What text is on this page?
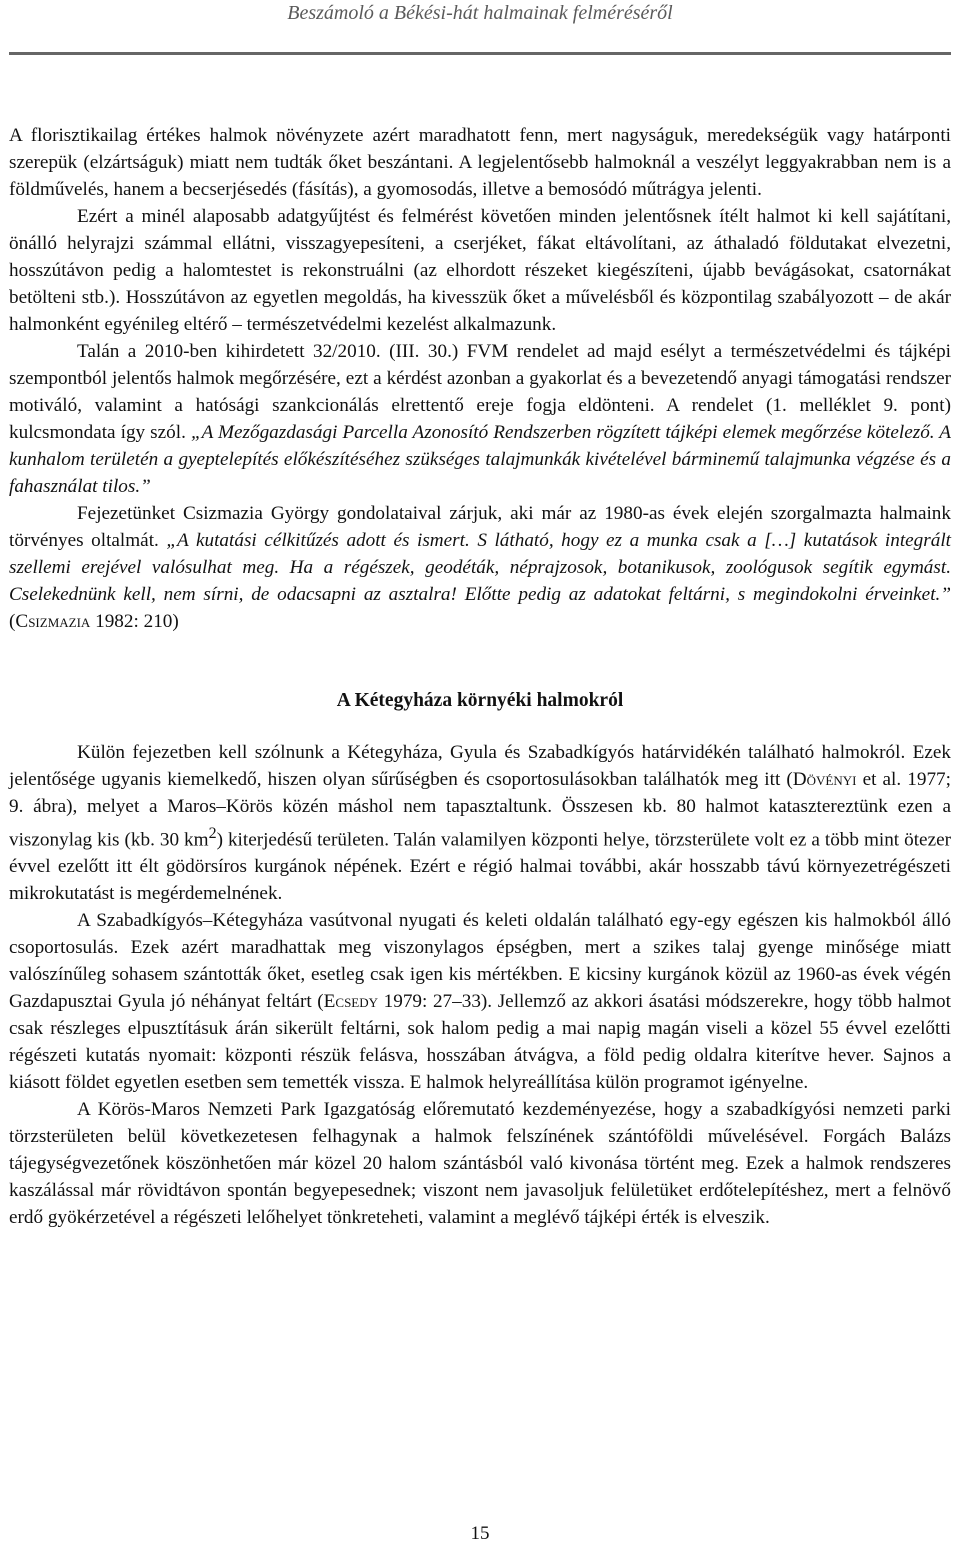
Beszámoló a Békési-hát halmainak felméréséről

A florisztikailag értékes halmok növényzete azért maradhatott fenn, mert nagyságuk, meredekségük vagy határponti szerepük (elzártságuk) miatt nem tudták őket beszántani. A legjelentősebb halmoknál a veszélyt leggyakrabban nem is a földművelés, hanem a becserjésedés (fásítás), a gyomosodás, illetve a bemosódó műtrágya jelenti.

Ezért a minél alaposabb adatgyűjtést és felmérést követően minden jelentősnek ítélt halmot ki kell sajátítani, önálló helyrajzi számmal ellátni, visszagyepesíteni, a cserjéket, fákat eltávolítani, az áthaladó földutakat elvezetni, hosszútávon pedig a halomtestet is rekonstruálni (az elhordott részeket kiegészíteni, újabb bevágásokat, csatornákat betölteni stb.). Hosszútávon az egyetlen megoldás, ha kivesszük őket a művelésből és központilag szabályozott – de akár halmonként egyénileg eltérő – természetvédelmi kezelést alkalmazunk.

Talán a 2010-ben kihirdetett 32/2010. (III. 30.) FVM rendelet ad majd esélyt a természetvédelmi és tájképi szempontból jelentős halmok megőrzésére, ezt a kérdést azonban a gyakorlat és a bevezetendő anyagi támogatási rendszer motiváló, valamint a hatósági szankcionálás elrettentő ereje fogja eldönteni. A rendelet (1. melléklet 9. pont) kulcsmondata így szól. „A Mezőgazdasági Parcella Azonosító Rendszerben rögzített tájképi elemek megőrzése kötelező. A kunhalom területén a gyeptelepítés előkészítéséhez szükséges talajmunkák kivételével bárminemű talajmunka végzése és a fahasználat tilos.”

Fejezetünket Csizmazia György gondolataival zárjuk, aki már az 1980-as évek elején szorgalmazta halmaink törvényes oltalmát. „A kutatási célkitűzés adott és ismert. S látható, hogy ez a munka csak a […] kutatások integrált szellemi erejével valósulhat meg. Ha a régészek, geodéták, néprajzosok, botanikusok, zoológusok segítik egymást. Cselekednünk kell, nem sírni, de odacsapni az asztalra! Előtte pedig az adatokat feltárni, s megindokolni érveinket.” (Csizmazia 1982: 210)

A Kétegyháza környéki halmokról

Külön fejezetben kell szólnunk a Kétegyháza, Gyula és Szabadkígyós határvidékén található halmokról. Ezek jelentősége ugyanis kiemelkedő, hiszen olyan sűrűségben és csoportosulásokban találhatók meg itt (Dövényi et al. 1977; 9. ábra), melyet a Maros–Körös közén máshol nem tapasztaltunk. Összesen kb. 80 halmot katasztereztünk ezen a viszonylag kis (kb. 30 $km^2$) kiterjedésű területen. Talán valamilyen központi helye, törzsterülete volt ez a több mint ötezer évvel ezelőtt itt élt gödörsíros kurgánok népének. Ezért e régió halmai további, akár hosszabb távú környezetrégészeti mikrokutatást is megérdemelnének.

A Szabadkígyós–Kétegyháza vasútvonal nyugati és keleti oldalán található egy-egy egészen kis halmokból álló csoportosulás. Ezek azért maradhattak meg viszonylagos épségben, mert a szikes talaj gyenge minősége miatt valószínűleg sohasem szántották őket, esetleg csak igen kis mértékben. E kicsiny kurgánok közül az 1960-as évek végén Gazdapusztai Gyula jó néhányat feltárt (Ecsedy 1979: 27–33). Jellemző az akkori ásatási módszerekre, hogy több halmot csak részleges elpusztításuk árán sikerült feltárni, sok halom pedig a mai napig magán viseli a közel 55 évvel ezelőtti régészeti kutatás nyomait: központi részük felásva, hosszában átvágva, a föld pedig oldalra kiterítve hever. Sajnos a kiásott földet egyetlen esetben sem temették vissza. E halmok helyreállítása külön programot igényelne.

A Körös-Maros Nemzeti Park Igazgatóság előremutató kezdeményezése, hogy a szabadkígyósi nemzeti parki törzsterületen belül következetesen felhagynak a halmok felszínének szántóföldi művelésével. Forgách Balázs tájegységvezetőnek köszönhetően már közel 20 halom szántásból való kivonása történt meg. Ezek a halmok rendszeres kaszálással már rövidtávon spontán begyepesednek; viszont nem javasoljuk felületüket erdőtelepítéshez, mert a felnövő erdő gyökérzetével a régészeti lelőhelyet tönkreteheti, valamint a meglévő tájképi érték is elveszik.

15
